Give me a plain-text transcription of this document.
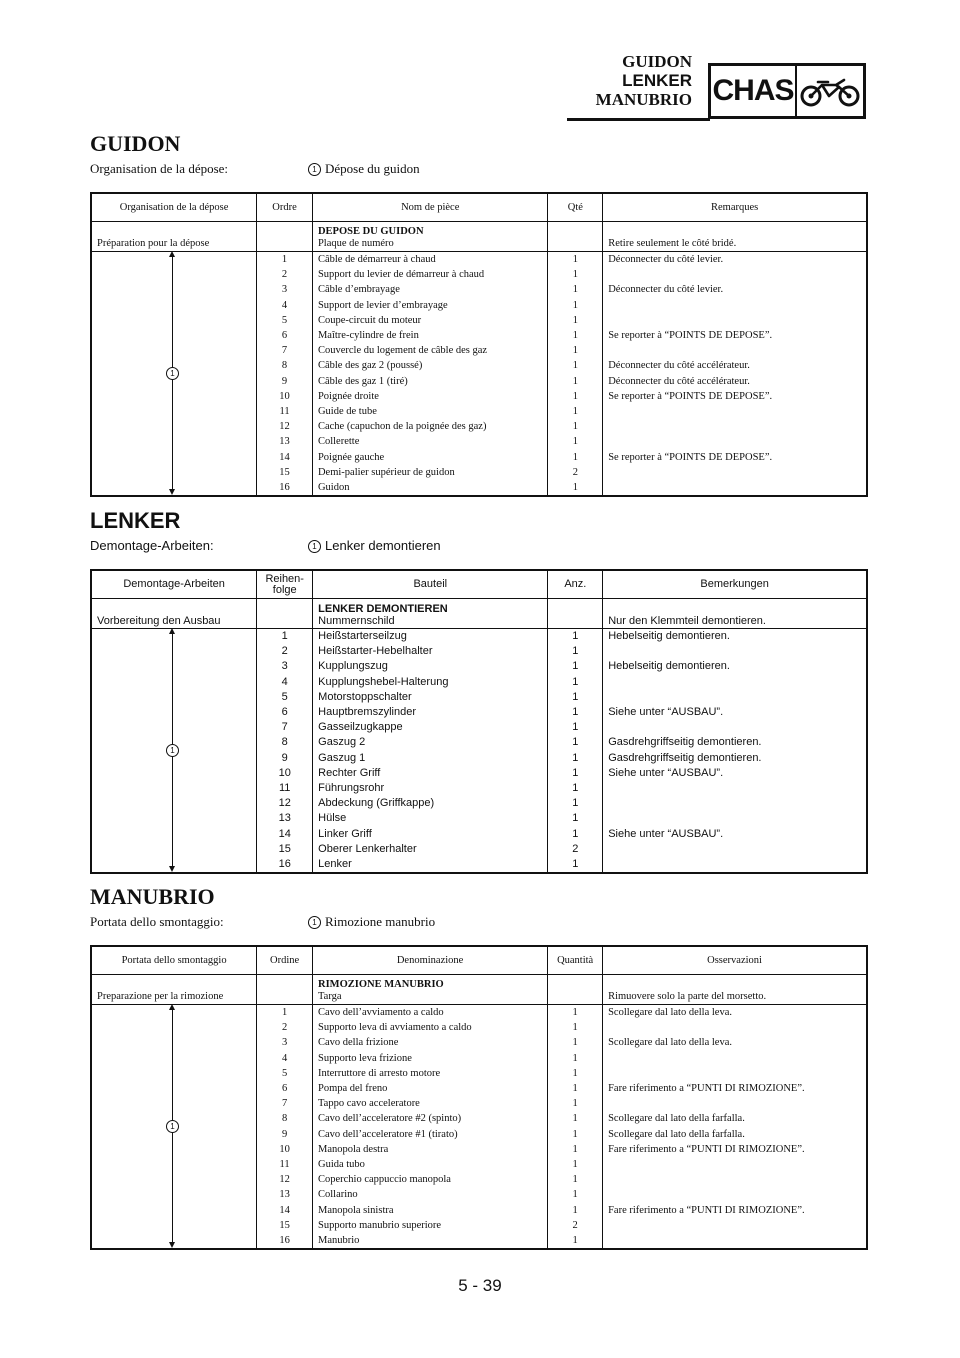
GUIDON
LENKER
MANUBRIO CHAS
GUIDON
Organisation de la dépose:	1 Dépose du guidon
Organisation de la dépose	Ordre	Nom de pièce	Qté	Remarques
Préparation pour la dépose		DEPOSE DU GUIDON
Plaque de numéro		Retire seulement le côté bridé.
	1	Câble de démarreur à chaud	1	Déconnecter du côté levier.
	2	Support du levier de démarreur à chaud	1	
	3	Câble d’embrayage	1	Déconnecter du côté levier.
	4	Support de levier d’embrayage	1	
	5	Coupe-circuit du moteur	1	
	6	Maître-cylindre de frein	1	Se reporter à “POINTS DE DEPOSE”.
	7	Couvercle du logement de câble des gaz	1	
	8	Câble des gaz 2 (poussé)	1	Déconnecter du côté accélérateur.
	9	Câble des gaz 1 (tiré)	1	Déconnecter du côté accélérateur.
	10	Poignée droite	1	Se reporter à “POINTS DE DEPOSE”.
	11	Guide de tube	1	
	12	Cache (capuchon de la poignée des gaz)	1	
	13	Collerette	1	
	14	Poignée gauche	1	Se reporter à “POINTS DE DEPOSE”.
	15	Demi-palier supérieur de guidon	2	
	16	Guidon	1	
1
LENKER
Demontage-Arbeiten:	1 Lenker demontieren
Demontage-Arbeiten	Reihen-
folge	Bauteil	Anz.	Bemerkungen
Vorbereitung den Ausbau		LENKER DEMONTIEREN
Nummernschild		Nur den Klemmteil demontieren.
	1	Heißstarterseilzug	1	Hebelseitig demontieren.
	2	Heißstarter-Hebelhalter	1	
	3	Kupplungszug	1	Hebelseitig demontieren.
	4	Kupplungshebel-Halterung	1	
	5	Motorstoppschalter	1	
	6	Hauptbremszylinder	1	Siehe unter “AUSBAU”.
	7	Gasseilzugkappe	1	
	8	Gaszug 2	1	Gasdrehgriffseitig demontieren.
	9	Gaszug 1	1	Gasdrehgriffseitig demontieren.
	10	Rechter Griff	1	Siehe unter “AUSBAU”.
	11	Führungsrohr	1	
	12	Abdeckung (Griffkappe)	1	
	13	Hülse	1	
	14	Linker Griff	1	Siehe unter “AUSBAU”.
	15	Oberer Lenkerhalter	2	
	16	Lenker	1	
1
MANUBRIO
Portata dello smontaggio:	1 Rimozione manubrio
Portata dello smontaggio	Ordine	Denominazione	Quantità	Osservazioni
Preparazione per la rimozione		RIMOZIONE MANUBRIO
Targa		Rimuovere solo la parte del morsetto.
	1	Cavo dell’avviamento a caldo	1	Scollegare dal lato della leva.
	2	Supporto leva di avviamento a caldo	1	
	3	Cavo della frizione	1	Scollegare dal lato della leva.
	4	Supporto leva frizione	1	
	5	Interruttore di arresto motore	1	
	6	Pompa del freno	1	Fare riferimento a “PUNTI DI RIMOZIONE”.
	7	Tappo cavo acceleratore	1	
	8	Cavo dell’acceleratore #2 (spinto)	1	Scollegare dal lato della farfalla.
	9	Cavo dell’acceleratore #1 (tirato)	1	Scollegare dal lato della farfalla.
	10	Manopola destra	1	Fare riferimento a “PUNTI DI RIMOZIONE”.
	11	Guida tubo	1	
	12	Coperchio cappuccio manopola	1	
	13	Collarino	1	
	14	Manopola sinistra	1	Fare riferimento a “PUNTI DI RIMOZIONE”.
	15	Supporto manubrio superiore	2	
	16	Manubrio	1	
1
5 - 39
